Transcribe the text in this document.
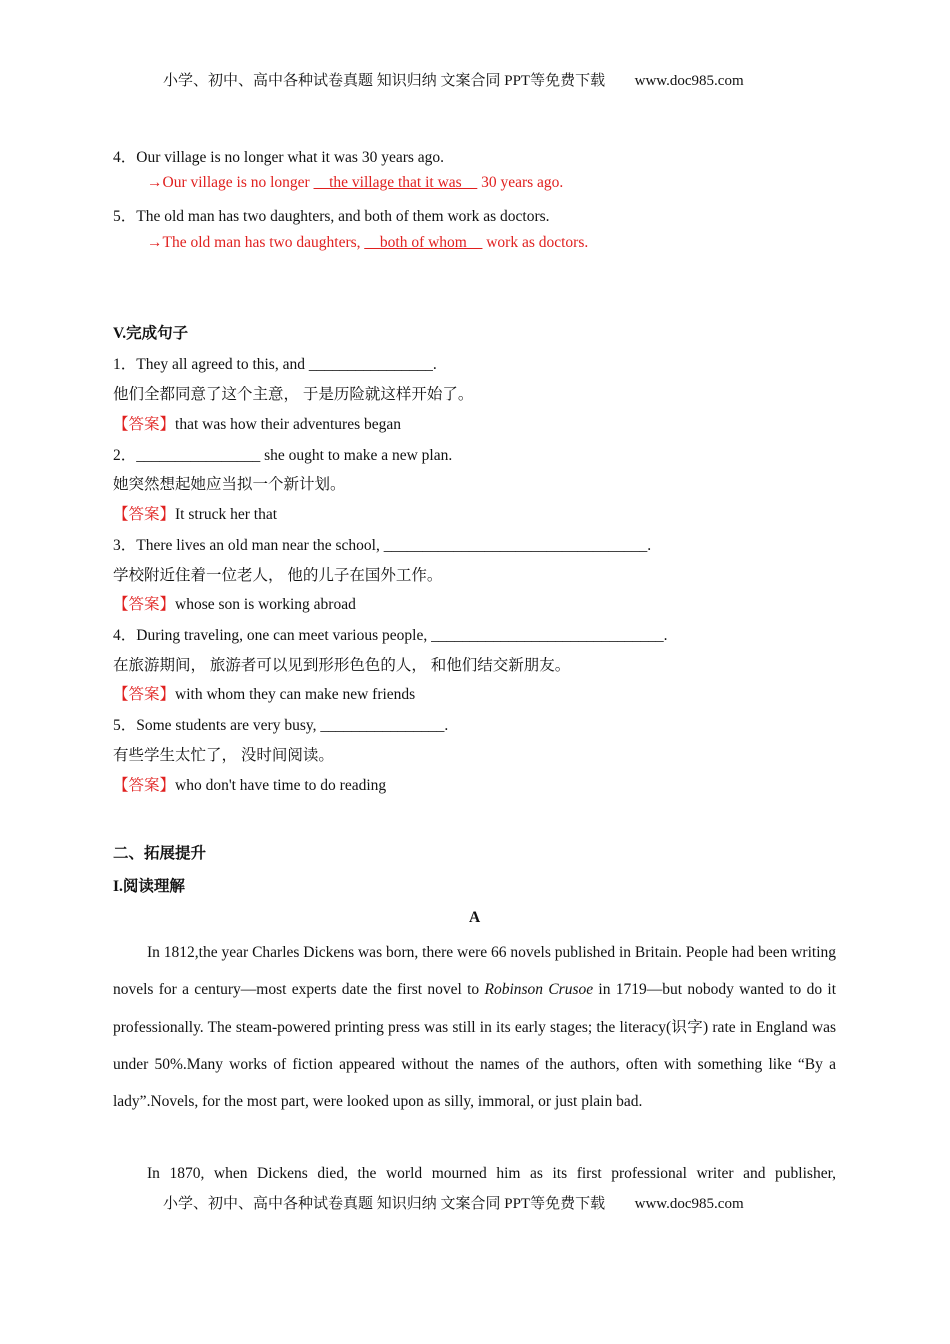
小学、初中、高中各种试卷真题 知识归纳 文案合同 PPT等免费下载 www.doc985.com
4．Our village is no longer what it was 30 years ago.
→Our village is no longer __the village that it was__ 30 years ago.
5．The old man has two daughters, and both of them work as doctors.
→The old man has two daughters, __both of whom__ work as doctors.
V.完成句子
1．They all agreed to this, and ________________.
他们全都同意了这个主意， 于是历险就这样开始了。
【答案】that was how their adventures began
2．________________ she ought to make a new plan.
她突然想起她应当拟一个新计划。
【答案】It struck her that
3．There lives an old man near the school, __________________________________.
学校附近住着一位老人， 他的儿子在国外工作。
【答案】whose son is working abroad
4．During traveling, one can meet various people, ______________________________.
在旅游期间， 旅游者可以见到形形色色的人， 和他们结交新朋友。
【答案】with whom they can make new friends
5．Some students are very busy, ________________.
有些学生太忙了， 没时间阅读。
【答案】who don't have time to do reading
二、拓展提升
I.阅读理解
A
In 1812,the year Charles Dickens was born, there were 66 novels published in Britain. People had been writing novels for a century—most experts date the first novel to Robinson Crusoe in 1719—but nobody wanted to do it professionally. The steam-powered printing press was still in its early stages; the literacy(识字) rate in England was under 50%.Many works of fiction appeared without the names of the authors, often with something like “By a lady”.Novels, for the most part, were looked upon as silly, immoral, or just plain bad.
In 1870, when Dickens died, the world mourned him as its first professional writer and publisher,
小学、初中、高中各种试卷真题 知识归纳 文案合同 PPT等免费下载 www.doc985.com
